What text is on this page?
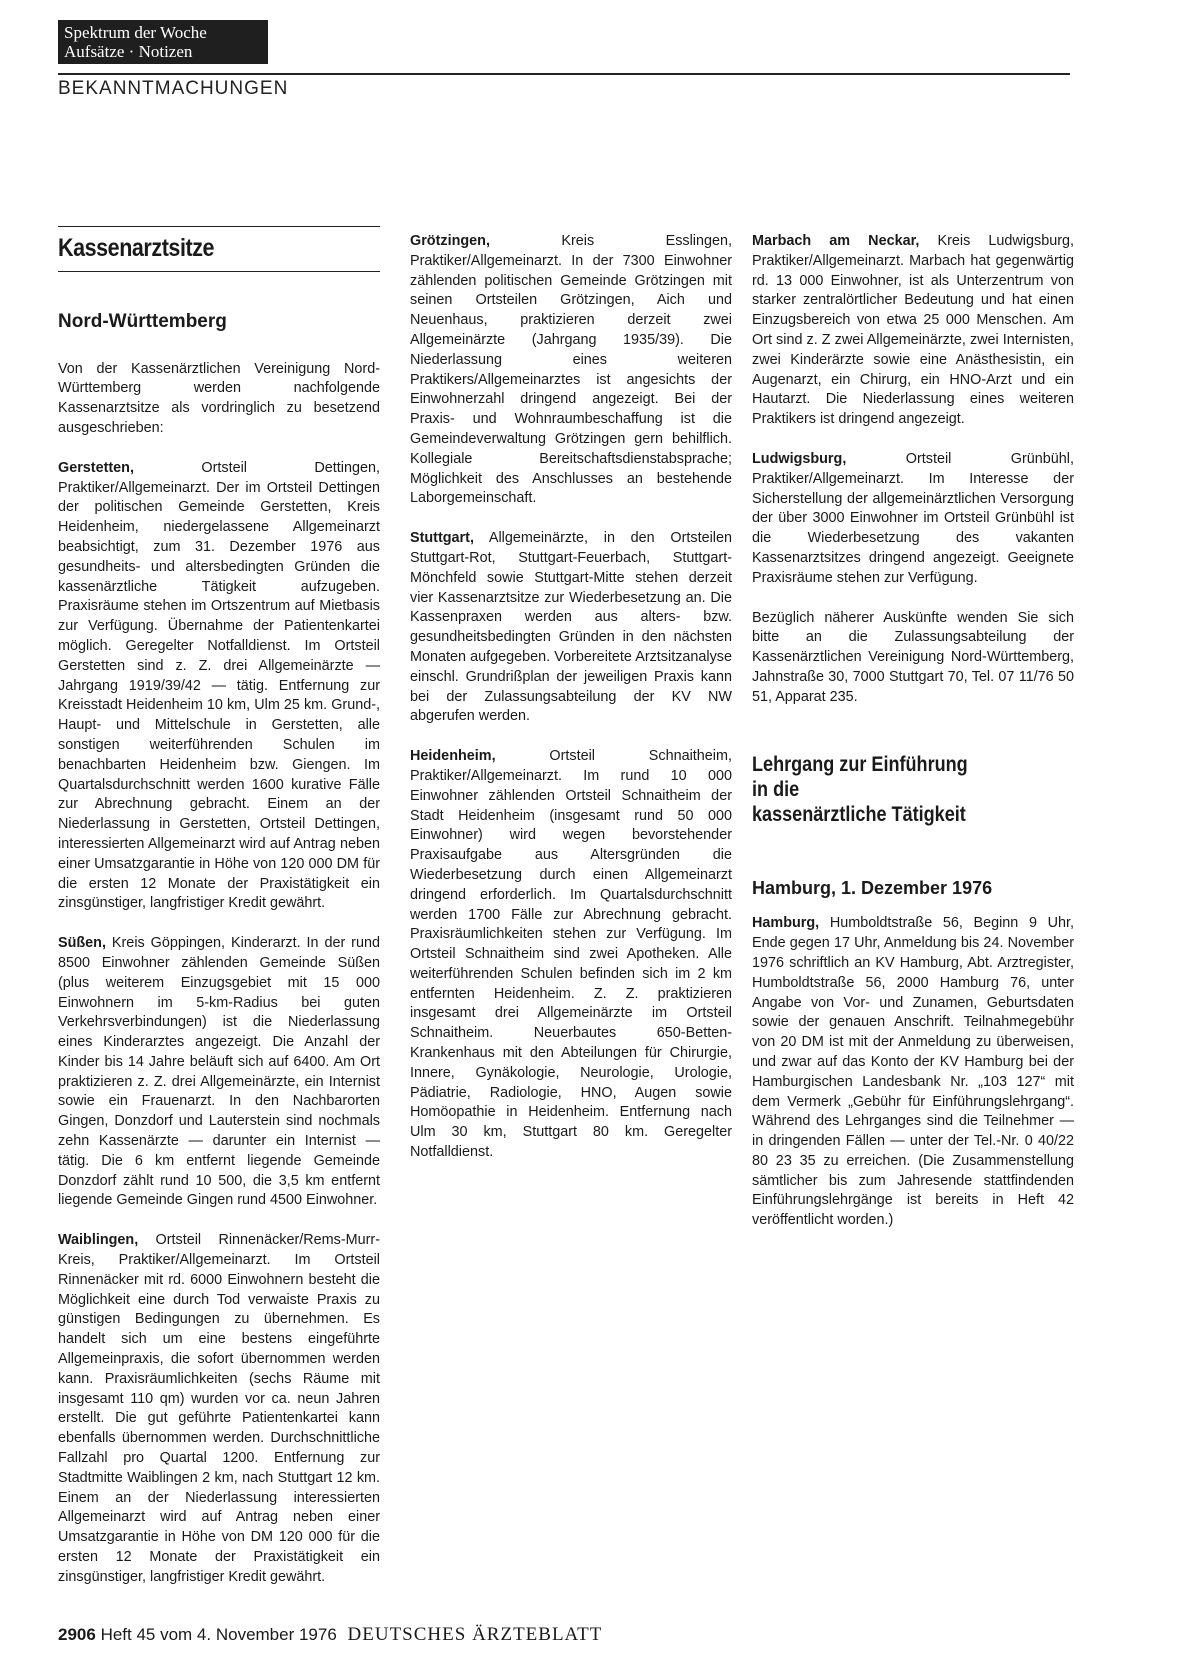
Spektrum der Woche
Aufsätze · Notizen
BEKANNTMACHUNGEN
Kassenarztsitze
Nord-Württemberg

Von der Kassenärztlichen Vereinigung Nord-Württemberg werden nachfolgende Kassenarztsitze als vordringlich zu besetzend ausgeschrieben:

Gerstetten, Ortsteil Dettingen, Praktiker/Allgemeinarzt. Der im Ortsteil Dettingen der politischen Gemeinde Gerstetten, Kreis Heidenheim, niedergelassene Allgemeinarzt beabsichtigt, zum 31. Dezember 1976 aus gesundheits- und altersbedingten Gründen die kassenärztliche Tätigkeit aufzugeben. Praxisräume stehen im Ortszentrum auf Mietbasis zur Verfügung. Übernahme der Patientenkartei möglich. Geregelter Notfalldienst. Im Ortsteil Gerstetten sind z. Z. drei Allgemeinärzte — Jahrgang 1919/39/42 — tätig. Entfernung zur Kreisstadt Heidenheim 10 km, Ulm 25 km. Grund-, Haupt- und Mittelschule in Gerstetten, alle sonstigen weiterführenden Schulen im benachbarten Heidenheim bzw. Giengen. Im Quartalsdurchschnitt werden 1600 kurative Fälle zur Abrechnung gebracht. Einem an der Niederlassung in Gerstetten, Ortsteil Dettingen, interessierten Allgemeinarzt wird auf Antrag neben einer Umsatzgarantie in Höhe von 120 000 DM für die ersten 12 Monate der Praxistätigkeit ein zinsgünstiger, langfristiger Kredit gewährt.

Süßen, Kreis Göppingen, Kinderarzt. In der rund 8500 Einwohner zählenden Gemeinde Süßen (plus weiterem Einzugsgebiet mit 15 000 Einwohnern im 5-km-Radius bei guten Verkehrsverbindungen) ist die Niederlassung eines Kinderarztes angezeigt. Die Anzahl der Kinder bis 14 Jahre beläuft sich auf 6400. Am Ort praktizieren z. Z. drei Allgemeinärzte, ein Internist sowie ein Frauenarzt. In den Nachbarorten Gingen, Donzdorf und Lauterstein sind nochmals zehn Kassenärzte — darunter ein Internist — tätig. Die 6 km entfernt liegende Gemeinde Donzdorf zählt rund 10 500, die 3,5 km entfernt liegende Gemeinde Gingen rund 4500 Einwohner.

Waiblingen, Ortsteil Rinnenäcker/Rems-Murr-Kreis, Praktiker/Allgemeinarzt. Im Ortsteil Rinnenäcker mit rd. 6000 Einwohnern besteht die Möglichkeit eine durch Tod verwaiste Praxis zu günstigen Bedingungen zu übernehmen. Es handelt sich um eine bestens eingeführte Allgemeinpraxis, die sofort übernommen werden kann. Praxisräumlichkeiten (sechs Räume mit insgesamt 110 qm) wurden vor ca. neun Jahren erstellt. Die gut geführte Patientenkartei kann ebenfalls übernommen werden. Durchschnittliche Fallzahl pro Quartal 1200. Entfernung zur Stadtmitte Waiblingen 2 km, nach Stuttgart 12 km. Einem an der Niederlassung interessierten Allgemeinarzt wird auf Antrag neben einer Umsatzgarantie in Höhe von DM 120 000 für die ersten 12 Monate der Praxistätigkeit ein zinsgünstiger, langfristiger Kredit gewährt.

Grötzingen, Kreis Esslingen, Praktiker/Allgemeinarzt. In der 7300 Einwohner zählenden politischen Gemeinde Grötzingen mit seinen Ortsteilen Grötzingen, Aich und Neuenhaus, praktizieren derzeit zwei Allgemeinärzte (Jahrgang 1935/39). Die Niederlassung eines weiteren Praktikers/Allgemeinarztes ist angesichts der Einwohnerzahl dringend angezeigt. Bei der Praxis- und Wohnraumbeschaffung ist die Gemeindeverwaltung Grötzingen gern behilflich. Kollegiale Bereitschaftsdienstabsprache; Möglichkeit des Anschlusses an bestehende Laborgemeinschaft.

Stuttgart, Allgemeinärzte, in den Ortsteilen Stuttgart-Rot, Stuttgart-Feuerbach, Stuttgart-Mönchfeld sowie Stuttgart-Mitte stehen derzeit vier Kassenarztsitze zur Wiederbesetzung an. Die Kassenpraxen werden aus alters- bzw. gesundheitsbedingten Gründen in den nächsten Monaten aufgegeben. Vorbereitete Arztsitzanalyse einschl. Grundrißplan der jeweiligen Praxis kann bei der Zulassungsabteilung der KV NW abgerufen werden.

Heidenheim, Ortsteil Schnaitheim, Praktiker/Allgemeinarzt. Im rund 10 000 Einwohner zählenden Ortsteil Schnaitheim der Stadt Heidenheim (insgesamt rund 50 000 Einwohner) wird wegen bevorstehender Praxisaufgabe aus Altersgründen die Wiederbesetzung durch einen Allgemeinarzt dringend erforderlich. Im Quartalsdurchschnitt werden 1700 Fälle zur Abrechnung gebracht. Praxisräumlichkeiten stehen zur Verfügung. Im Ortsteil Schnaitheim sind zwei Apotheken. Alle weiterführenden Schulen befinden sich im 2 km entfernten Heidenheim. Z. Z. praktizieren insgesamt drei Allgemeinärzte im Ortsteil Schnaitheim. Neuerbautes 650-Betten-Krankenhaus mit den Abteilungen für Chirurgie, Innere, Gynäkologie, Neurologie, Urologie, Pädiatrie, Radiologie, HNO, Augen sowie Homöopathie in Heidenheim. Entfernung nach Ulm 30 km, Stuttgart 80 km. Geregelter Notfalldienst.

Marbach am Neckar, Kreis Ludwigsburg, Praktiker/Allgemeinarzt. Marbach hat gegenwärtig rd. 13 000 Einwohner, ist als Unterzentrum von starker zentralörtlicher Bedeutung und hat einen Einzugsbereich von etwa 25 000 Menschen. Am Ort sind z. Z zwei Allgemeinärzte, zwei Internisten, zwei Kinderärzte sowie eine Anästhesistin, ein Augenarzt, ein Chirurg, ein HNO-Arzt und ein Hautarzt. Die Niederlassung eines weiteren Praktikers ist dringend angezeigt.

Ludwigsburg, Ortsteil Grünbühl, Praktiker/Allgemeinarzt. Im Interesse der Sicherstellung der allgemeinärztlichen Versorgung der über 3000 Einwohner im Ortsteil Grünbühl ist die Wiederbesetzung des vakanten Kassenarztsitzes dringend angezeigt. Geeignete Praxisräume stehen zur Verfügung.

Bezüglich näherer Auskünfte wenden Sie sich bitte an die Zulassungsabteilung der Kassenärztlichen Vereinigung Nord-Württemberg, Jahnstraße 30, 7000 Stuttgart 70, Tel. 07 11/76 50 51, Apparat 235.

Lehrgang zur Einführung
in die
kassenärztliche Tätigkeit
Hamburg, 1. Dezember 1976

Hamburg, Humboldtstraße 56, Beginn 9 Uhr, Ende gegen 17 Uhr, Anmeldung bis 24. November 1976 schriftlich an KV Hamburg, Abt. Arztregister, Humboldtstraße 56, 2000 Hamburg 76, unter Angabe von Vor- und Zunamen, Geburtsdaten sowie der genauen Anschrift. Teilnahmegebühr von 20 DM ist mit der Anmeldung zu überweisen, und zwar auf das Konto der KV Hamburg bei der Hamburgischen Landesbank Nr. „103 127“ mit dem Vermerk „Gebühr für Einführungslehrgang“. Während des Lehrganges sind die Teilnehmer — in dringenden Fällen — unter der Tel.-Nr. 0 40/22 80 23 35 zu erreichen. (Die Zusammenstellung sämtlicher bis zum Jahresende stattfindenden Einführungslehrgänge ist bereits in Heft 42 veröffentlicht worden.)

2906 Heft 45 vom 4. November 1976 DEUTSCHES ÄRZTEBLATT
